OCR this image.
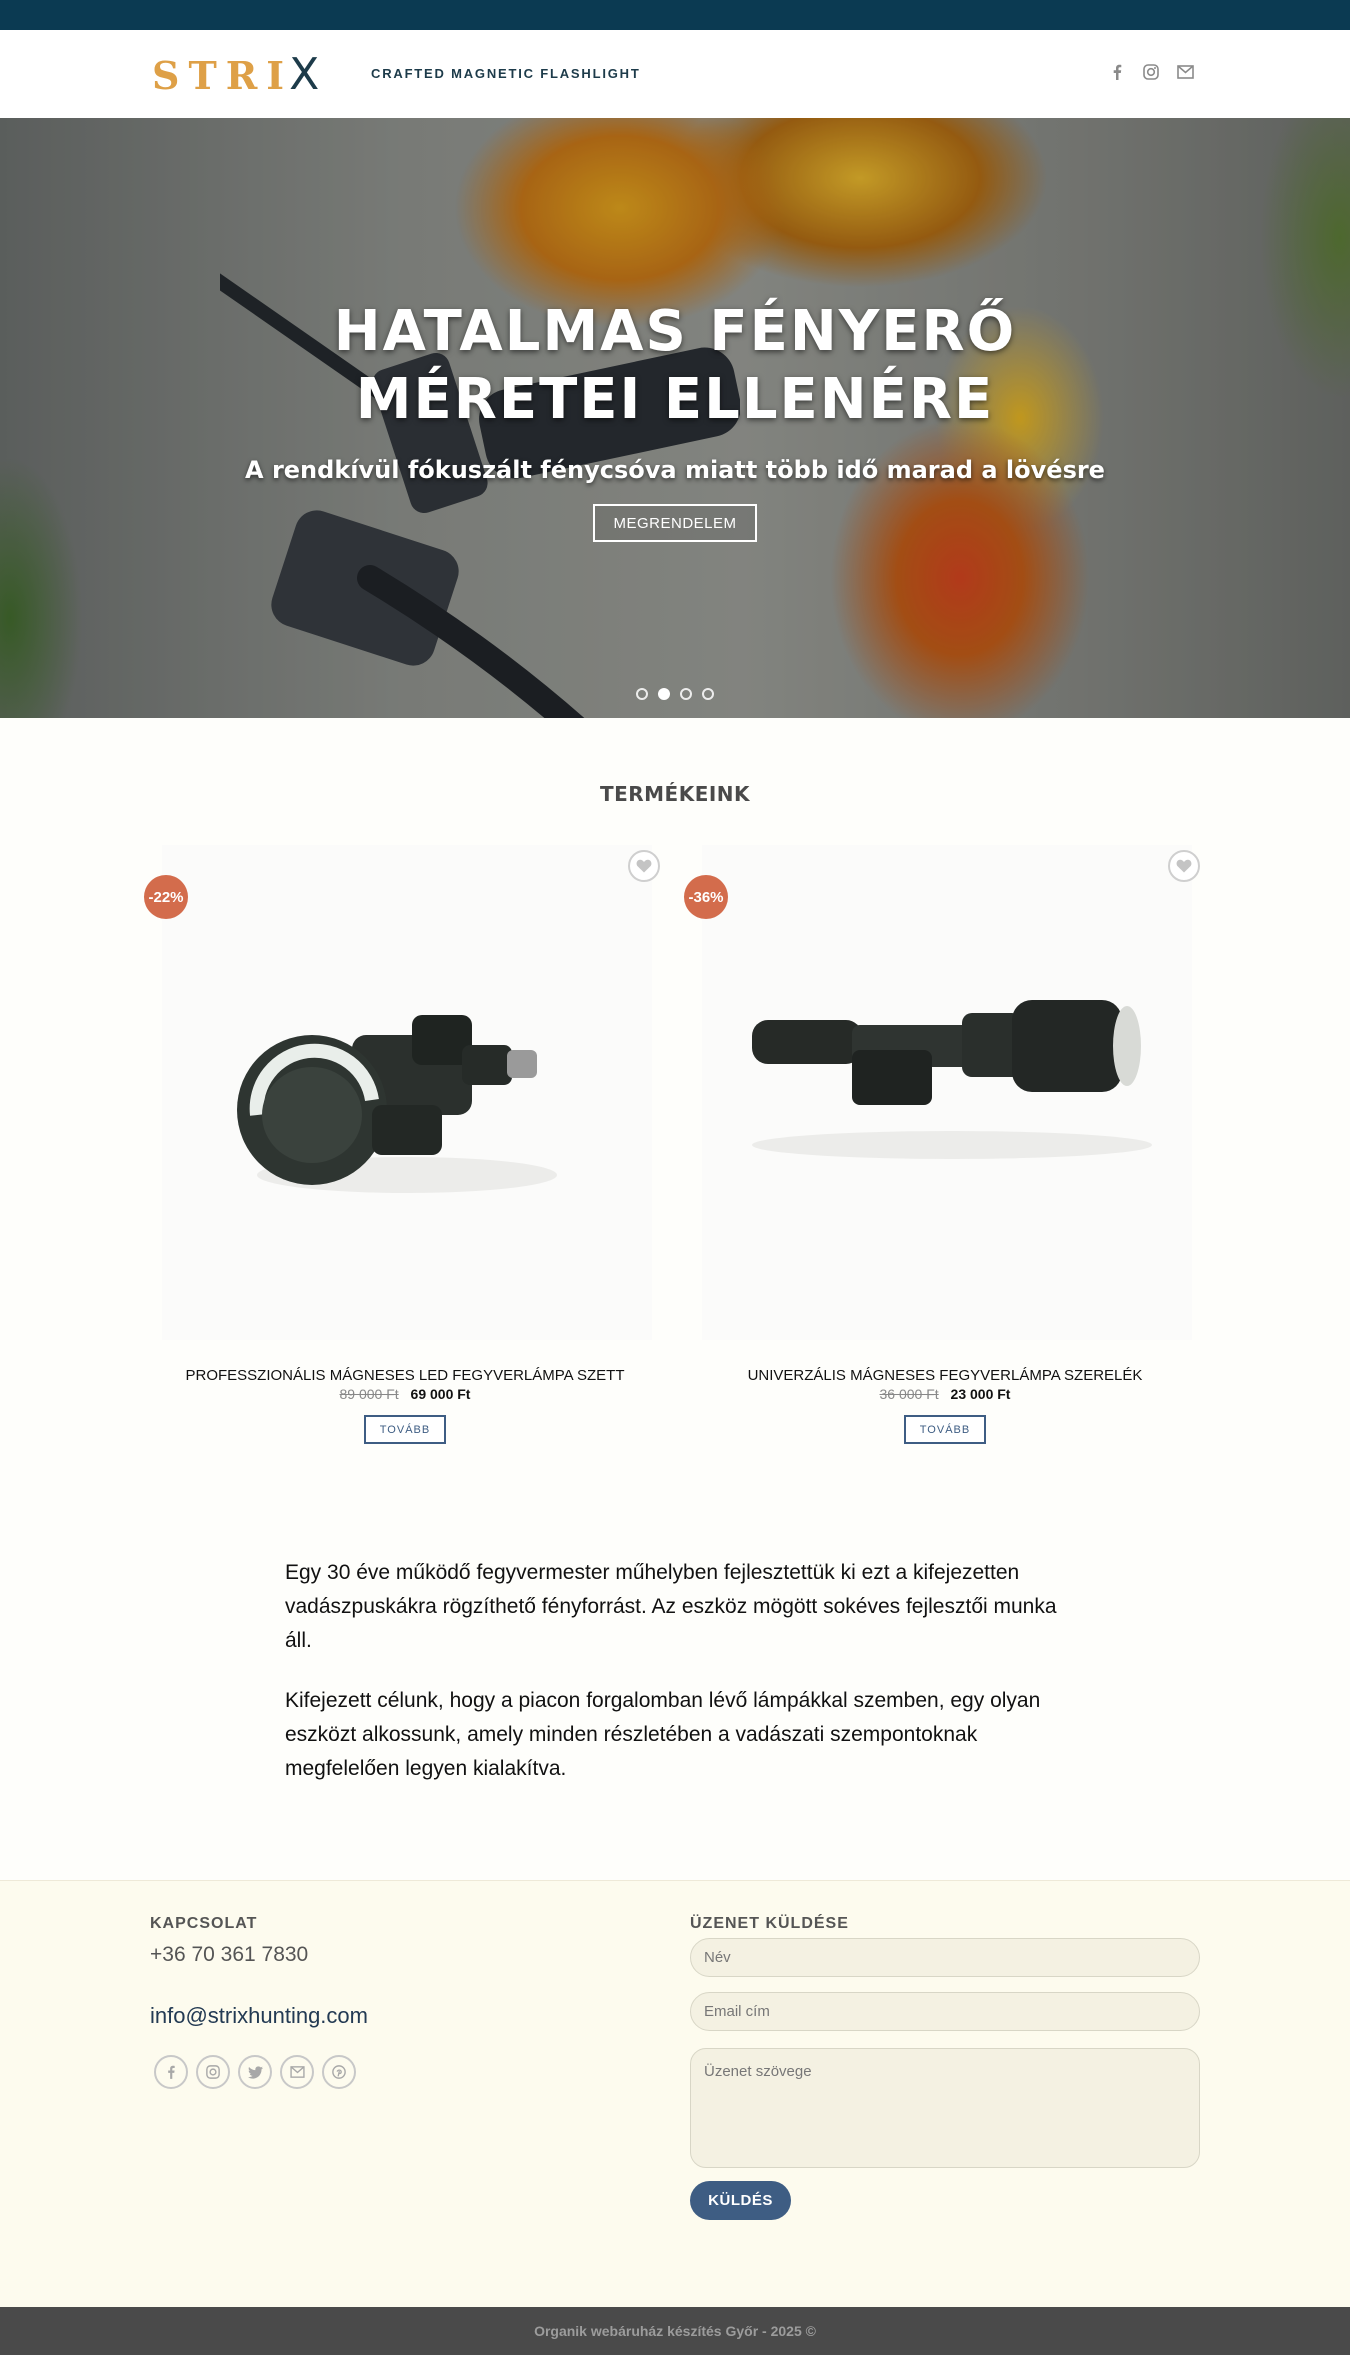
STRI
X	CRAFTED MAGNETIC FLASHLIGHT
HATALMAS FÉNYERŐ
MÉRETEI ELLENÉRE
A rendkívül fókuszált fénycsóva miatt több idő marad a lövésre
MEGRENDELEM
TERMÉKEINK
-22%
PROFESSZIONÁLIS MÁGNESES LED FEGYVERLÁMPA SZETT
89 000 Ft 69 000 Ft
TOVÁBB
-36%
UNIVERZÁLIS MÁGNESES FEGYVERLÁMPA SZERELÉK
36 000 Ft 23 000 Ft
TOVÁBB

Egy 30 éve működő fegyvermester műhelyben fejlesztettük ki ezt a kifejezetten vadászpuskákra rögzíthető fényforrást. Az eszköz mögött sokéves fejlesztői munka áll.

Kifejezett célunk, hogy a piacon forgalomban lévő lámpákkal szemben, egy olyan eszközt alkossunk, amely minden részletében a vadászati szempontoknak megfelelően legyen kialakítva.

KAPCSOLAT
+36 70 361 7830
info@strixhunting.com
ÜZENET KÜLDÉSE
Név
Email cím
Üzenet szövege
KÜLDÉS
Organik webáruház készítés Győr - 2025 ©
